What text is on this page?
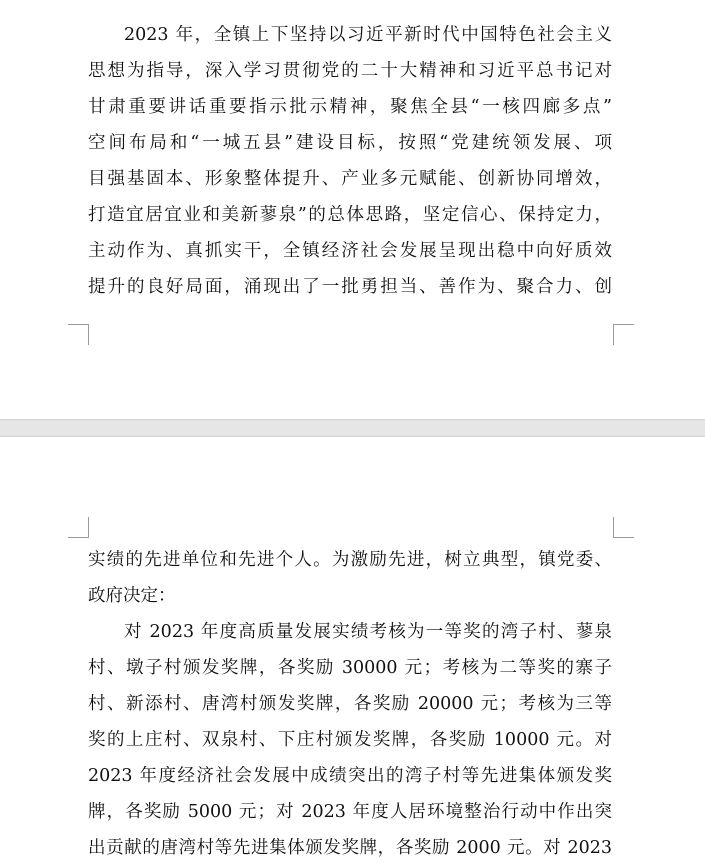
2023 年，全镇上下坚持以习近平新时代中国特色社会主义
思想为指导，深入学习贯彻党的二十大精神和习近平总书记对
甘肃重要讲话重要指示批示精神，聚焦全县“一核四廊多点”
空间布局和“一城五县”建设目标，按照“党建统领发展、项
目强基固本、形象整体提升、产业多元赋能、创新协同增效，
打造宜居宜业和美新蓼泉”的总体思路，坚定信心、保持定力，
主动作为、真抓实干，全镇经济社会发展呈现出稳中向好质效
提升的良好局面，涌现出了一批勇担当、善作为、聚合力、创
实绩的先进单位和先进个人。为激励先进，树立典型，镇党委、
政府决定：
对 2023 年度高质量发展实绩考核为一等奖的湾子村、蓼泉
村、墩子村颁发奖牌，各奖励 30000 元；考核为二等奖的寨子
村、新添村、唐湾村颁发奖牌，各奖励 20000 元；考核为三等
奖的上庄村、双泉村、下庄村颁发奖牌，各奖励 10000 元。对
2023 年度经济社会发展中成绩突出的湾子村等先进集体颁发奖
牌，各奖励 5000 元；对 2023 年度人居环境整治行动中作出突
出贡献的唐湾村等先进集体颁发奖牌，各奖励 2000 元。对 2023
